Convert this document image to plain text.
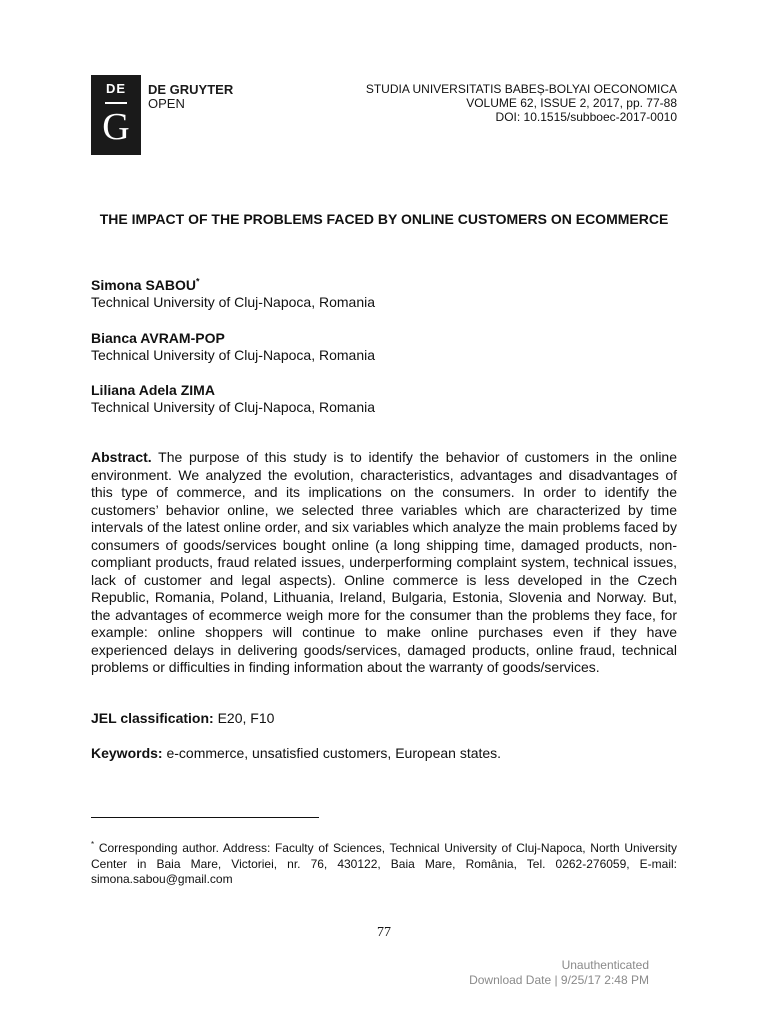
DE
G
DE GRUYTER
OPEN
STUDIA UNIVERSITATIS BABEȘ-BOLYAI OECONOMICA
VOLUME 62, ISSUE 2, 2017, pp. 77-88
DOI: 10.1515/subboec-2017-0010
THE IMPACT OF THE PROBLEMS FACED BY ONLINE CUSTOMERS ON ECOMMERCE
Simona SABOU*
Technical University of Cluj-Napoca, Romania
Bianca AVRAM-POP
Technical University of Cluj-Napoca, Romania
Liliana Adela ZIMA
Technical University of Cluj-Napoca, Romania
Abstract. The purpose of this study is to identify the behavior of customers in the online environment. We analyzed the evolution, characteristics, advantages and disadvantages of this type of commerce, and its implications on the consumers. In order to identify the customers’ behavior online, we selected three variables which are characterized by time intervals of the latest online order, and six variables which analyze the main problems faced by consumers of goods/services bought online (a long shipping time, damaged products, non-compliant products, fraud related issues, underperforming complaint system, technical issues, lack of customer and legal aspects). Online commerce is less developed in the Czech Republic, Romania, Poland, Lithuania, Ireland, Bulgaria, Estonia, Slovenia and Norway. But, the advantages of ecommerce weigh more for the consumer than the problems they face, for example: online shoppers will continue to make online purchases even if they have experienced delays in delivering goods/services, damaged products, online fraud, technical problems or difficulties in finding information about the warranty of goods/services.
JEL classification: E20, F10
Keywords: e-commerce, unsatisfied customers, European states.
* Corresponding author. Address: Faculty of Sciences, Technical University of Cluj-Napoca, North University Center in Baia Mare, Victoriei, nr. 76, 430122, Baia Mare, România, Tel. 0262-276059, E-mail: simona.sabou@gmail.com
77
Unauthenticated
Download Date | 9/25/17 2:48 PM
